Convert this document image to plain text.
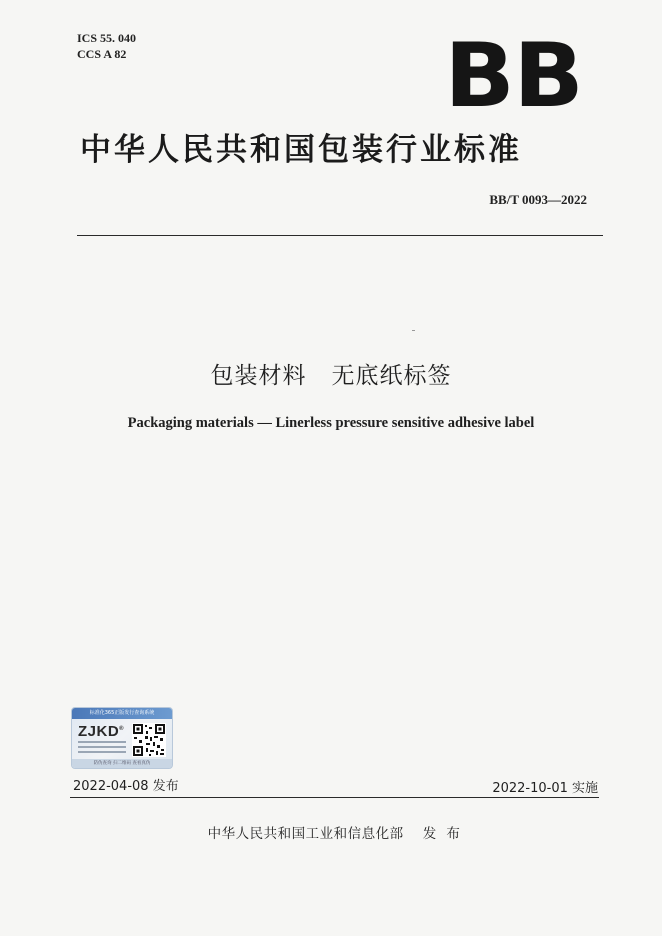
ICS 55. 040
CCS A 82	B B
中华人民共和国包装行业标准
BB/T 0093—2022
包装材料   无底纸标签
Packaging materials — Linerless pressure sensitive adhesive label
标准化365正版发行查询系统
ZJKD®
防伪查询 扫二维码 查看真伪
2022-04-08 发布	2022-10-01 实施
中华人民共和国工业和信息化部    发  布
